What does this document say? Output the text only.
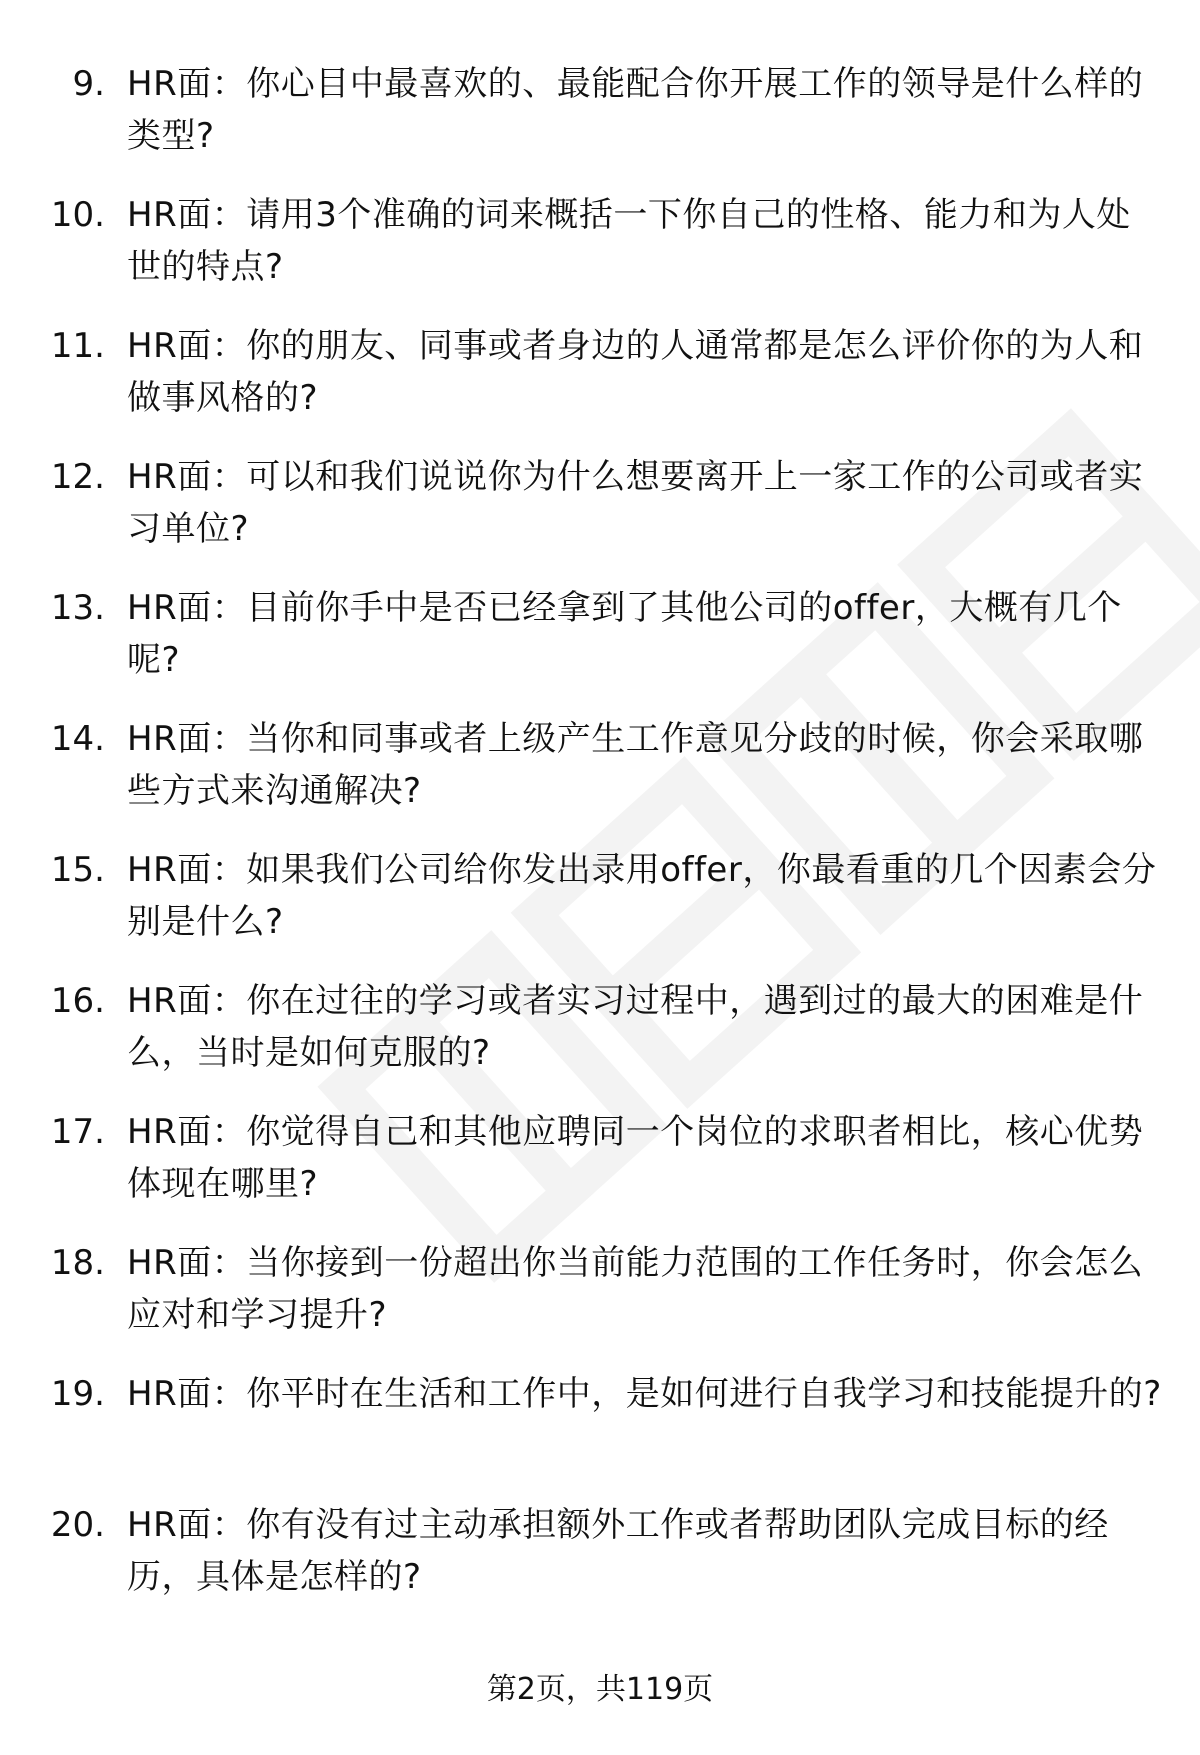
9. HR面：你心目中最喜欢的、最能配合你开展工作的领导是什么样的类型?
10. HR面：请用3个准确的词来概括一下你自己的性格、能力和为人处世的特点?
11. HR面：你的朋友、同事或者身边的人通常都是怎么评价你的为人和做事风格的?
12. HR面：可以和我们说说你为什么想要离开上一家工作的公司或者实习单位?
13. HR面：目前你手中是否已经拿到了其他公司的offer，大概有几个呢?
14. HR面：当你和同事或者上级产生工作意见分歧的时候，你会采取哪些方式来沟通解决?
15. HR面：如果我们公司给你发出录用offer，你最看重的几个因素会分别是什么?
16. HR面：你在过往的学习或者实习过程中，遇到过的最大的困难是什么，当时是如何克服的?
17. HR面：你觉得自己和其他应聘同一个岗位的求职者相比，核心优势体现在哪里?
18. HR面：当你接到一份超出你当前能力范围的工作任务时，你会怎么应对和学习提升?
19. HR面：你平时在生活和工作中，是如何进行自我学习和技能提升的?
20. HR面：你有没有过主动承担额外工作或者帮助团队完成目标的经历，具体是怎样的?
第2页，共119页
